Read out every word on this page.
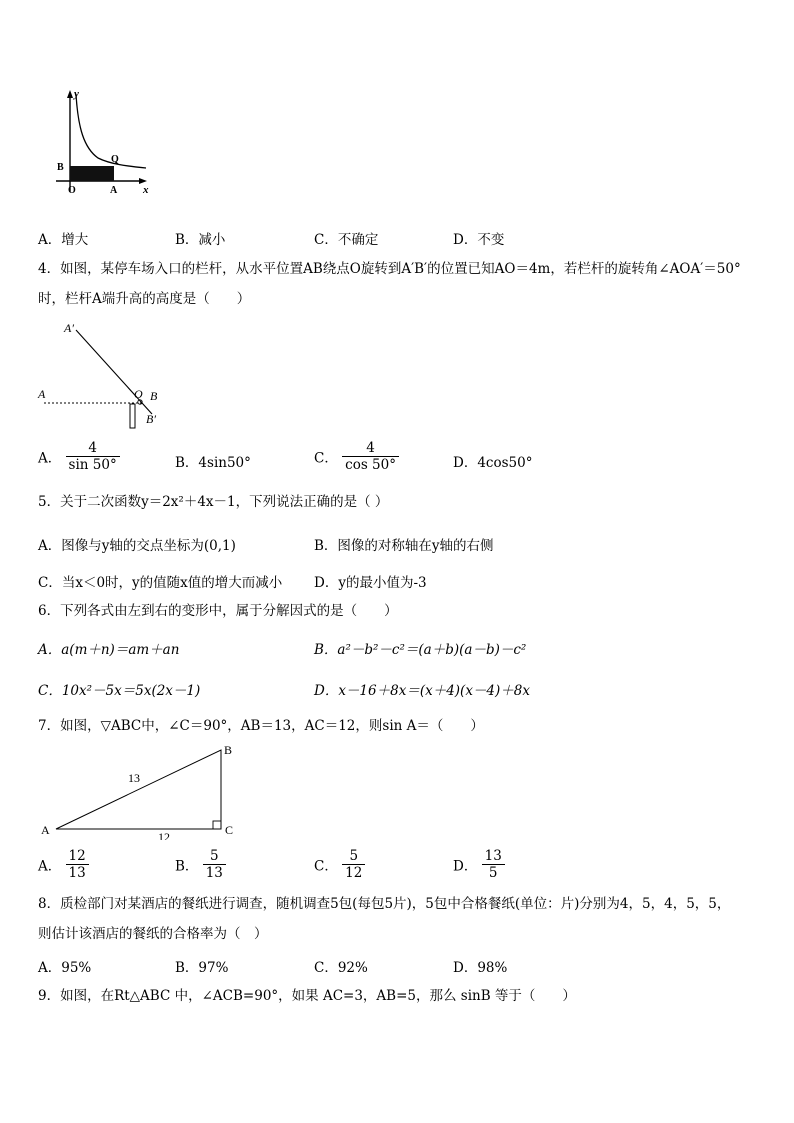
y
x
B
O	A
Q
A．增大	B．减小	C．不确定	D．不变
4．如图，某停车场入口的栏杆，从水平位置AB绕点O旋转到A′B′的位置已知AO＝4m，若栏杆的旋转角∠AOA′＝50°
时，栏杆A端升高的高度是（　　）
A′
A	O B
B′
A． $\frac{4}{\sin 50^\circ}$	B．4sin50°	C． $\frac{4}{\cos 50^\circ}$	D．4cos50°
5．关于二次函数y＝2x²＋4x－1，下列说法正确的是（ ）
A．图像与y轴的交点坐标为(0,1)	B．图像的对称轴在y轴的右侧
C．当x＜0时，y的值随x值的增大而减小 D．y的最小值为-3
6．下列各式由左到右的变形中，属于分解因式的是（　　）
A．a(m＋n)＝am＋an	B．a²－b²－c²＝(a＋b)(a－b)－c²
C．10x²－5x＝5x(2x－1)	D．x－16＋8x＝(x＋4)(x－4)＋8x
7．如图，▽ABC中，∠C＝90°，AB＝13，AC＝12，则sin A＝（　　）
A
B
C
13
12
A． $\frac{12}{13}$	B． $\frac{5}{13}$	C． $\frac{5}{12}$	D． $\frac{13}{5}$
8．质检部门对某酒店的餐纸进行调查，随机调查5包(每包5片)，5包中合格餐纸(单位：片)分别为4，5，4，5，5，
则估计该酒店的餐纸的合格率为（　）
A．95%	B．97%	C．92%	D．98%
9．如图，在Rt△ABC 中，∠ACB=90°，如果 AC=3，AB=5，那么 sinB 等于（　　）
